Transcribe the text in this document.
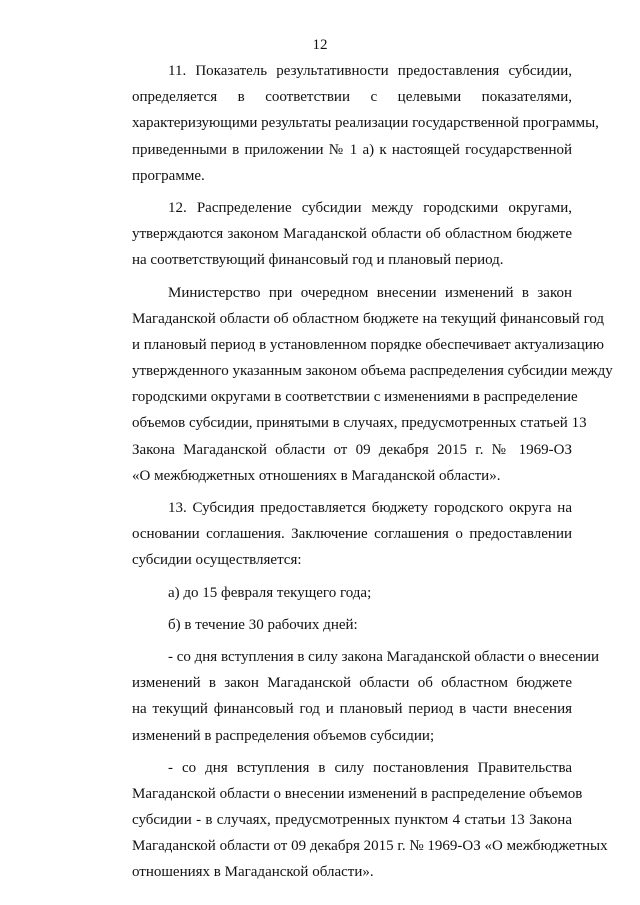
12
11. Показатель результативности предоставления субсидии,
определяется в соответствии с целевыми показателями,
характеризующими результаты реализации государственной программы,
приведенными в приложении № 1 а) к настоящей государственной
программе.
12. Распределение субсидии между городскими округами,
утверждаются законом Магаданской области об областном бюджете
на соответствующий финансовый год и плановый период.
Министерство при очередном внесении изменений в закон
Магаданской области об областном бюджете на текущий финансовый год
и плановый период в установленном порядке обеспечивает актуализацию
утвержденного указанным законом объема распределения субсидии между
городскими округами в соответствии с изменениями в распределение
объемов субсидии, принятыми в случаях, предусмотренных статьей 13
Закона Магаданской области от 09 декабря 2015 г. № 1969-ОЗ
«О межбюджетных отношениях в Магаданской области».
13. Субсидия предоставляется бюджету городского округа на
основании соглашения. Заключение соглашения о предоставлении
субсидии осуществляется:
а) до 15 февраля текущего года;
б) в течение 30 рабочих дней:
- со дня вступления в силу закона Магаданской области о внесении
изменений в закон Магаданской области об областном бюджете
на текущий финансовый год и плановый период в части внесения
изменений в распределения объемов субсидии;
- со дня вступления в силу постановления Правительства
Магаданской области о внесении изменений в распределение объемов
субсидии - в случаях, предусмотренных пунктом 4 статьи 13 Закона
Магаданской области от 09 декабря 2015 г. № 1969-ОЗ «О межбюджетных
отношениях в Магаданской области».
